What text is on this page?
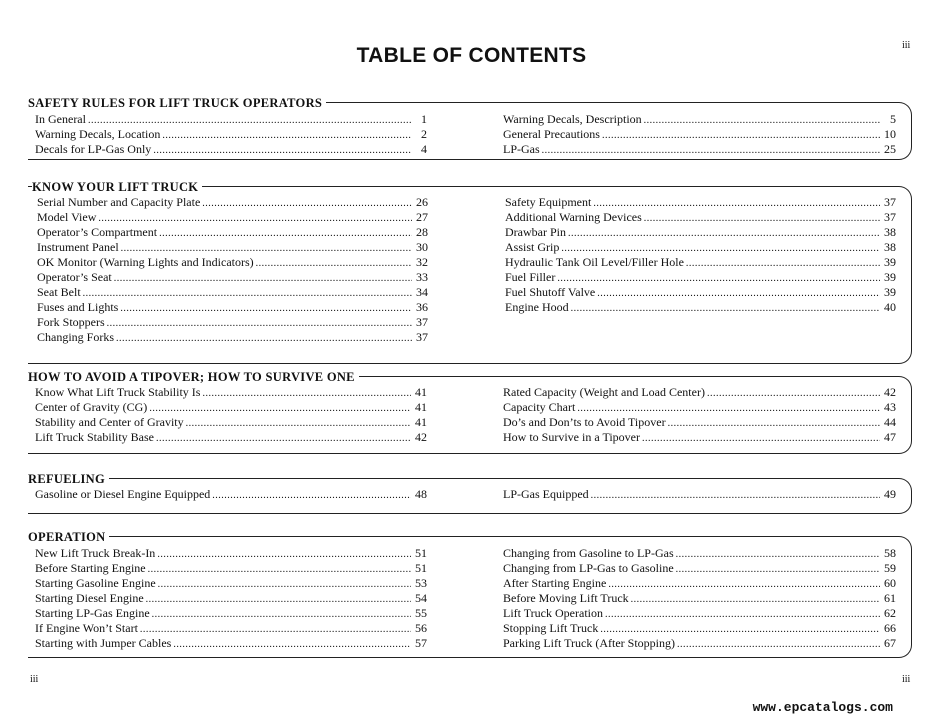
iii
TABLE OF CONTENTS
SAFETY RULES FOR LIFT TRUCK OPERATORS
In General .....	1
Warning Decals, Location .....	2
Decals for LP-Gas Only .....	4
Warning Decals, Description .....	5
General Precautions .....	10
LP-Gas .....	25
KNOW YOUR LIFT TRUCK
Serial Number and Capacity Plate .....	26
Model View .....	27
Operator’s Compartment .....	28
Instrument Panel .....	30
OK Monitor (Warning Lights and Indicators) .....	32
Operator’s Seat .....	33
Seat Belt .....	34
Fuses and Lights .....	36
Fork Stoppers .....	37
Changing Forks .....	37
Safety Equipment .....	37
Additional Warning Devices .....	37
Drawbar Pin .....	38
Assist Grip .....	38
Hydraulic Tank Oil Level/Filler Hole .....	39
Fuel Filler .....	39
Fuel Shutoff Valve .....	39
Engine Hood .....	40
HOW TO AVOID A TIPOVER; HOW TO SURVIVE ONE
Know What Lift Truck Stability Is .....	41
Center of Gravity (CG) .....	41
Stability and Center of Gravity .....	41
Lift Truck Stability Base .....	42
Rated Capacity (Weight and Load Center) .....	42
Capacity Chart .....	43
Do’s and Don’ts to Avoid Tipover .....	44
How to Survive in a Tipover .....	47
REFUELING
Gasoline or Diesel Engine Equipped .....	48	LP-Gas Equipped .....	49
OPERATION
New Lift Truck Break-In .....	51
Before Starting Engine .....	51
Starting Gasoline Engine .....	53
Starting Diesel Engine .....	54
Starting LP-Gas Engine .....	55
If Engine Won’t Start .....	56
Starting with Jumper Cables .....	57
Changing from Gasoline to LP-Gas .....	58
Changing from LP-Gas to Gasoline .....	59
After Starting Engine .....	60
Before Moving Lift Truck .....	61
Lift Truck Operation .....	62
Stopping Lift Truck .....	66
Parking Lift Truck (After Stopping) .....	67
iii	iii
www.epcatalogs.com
